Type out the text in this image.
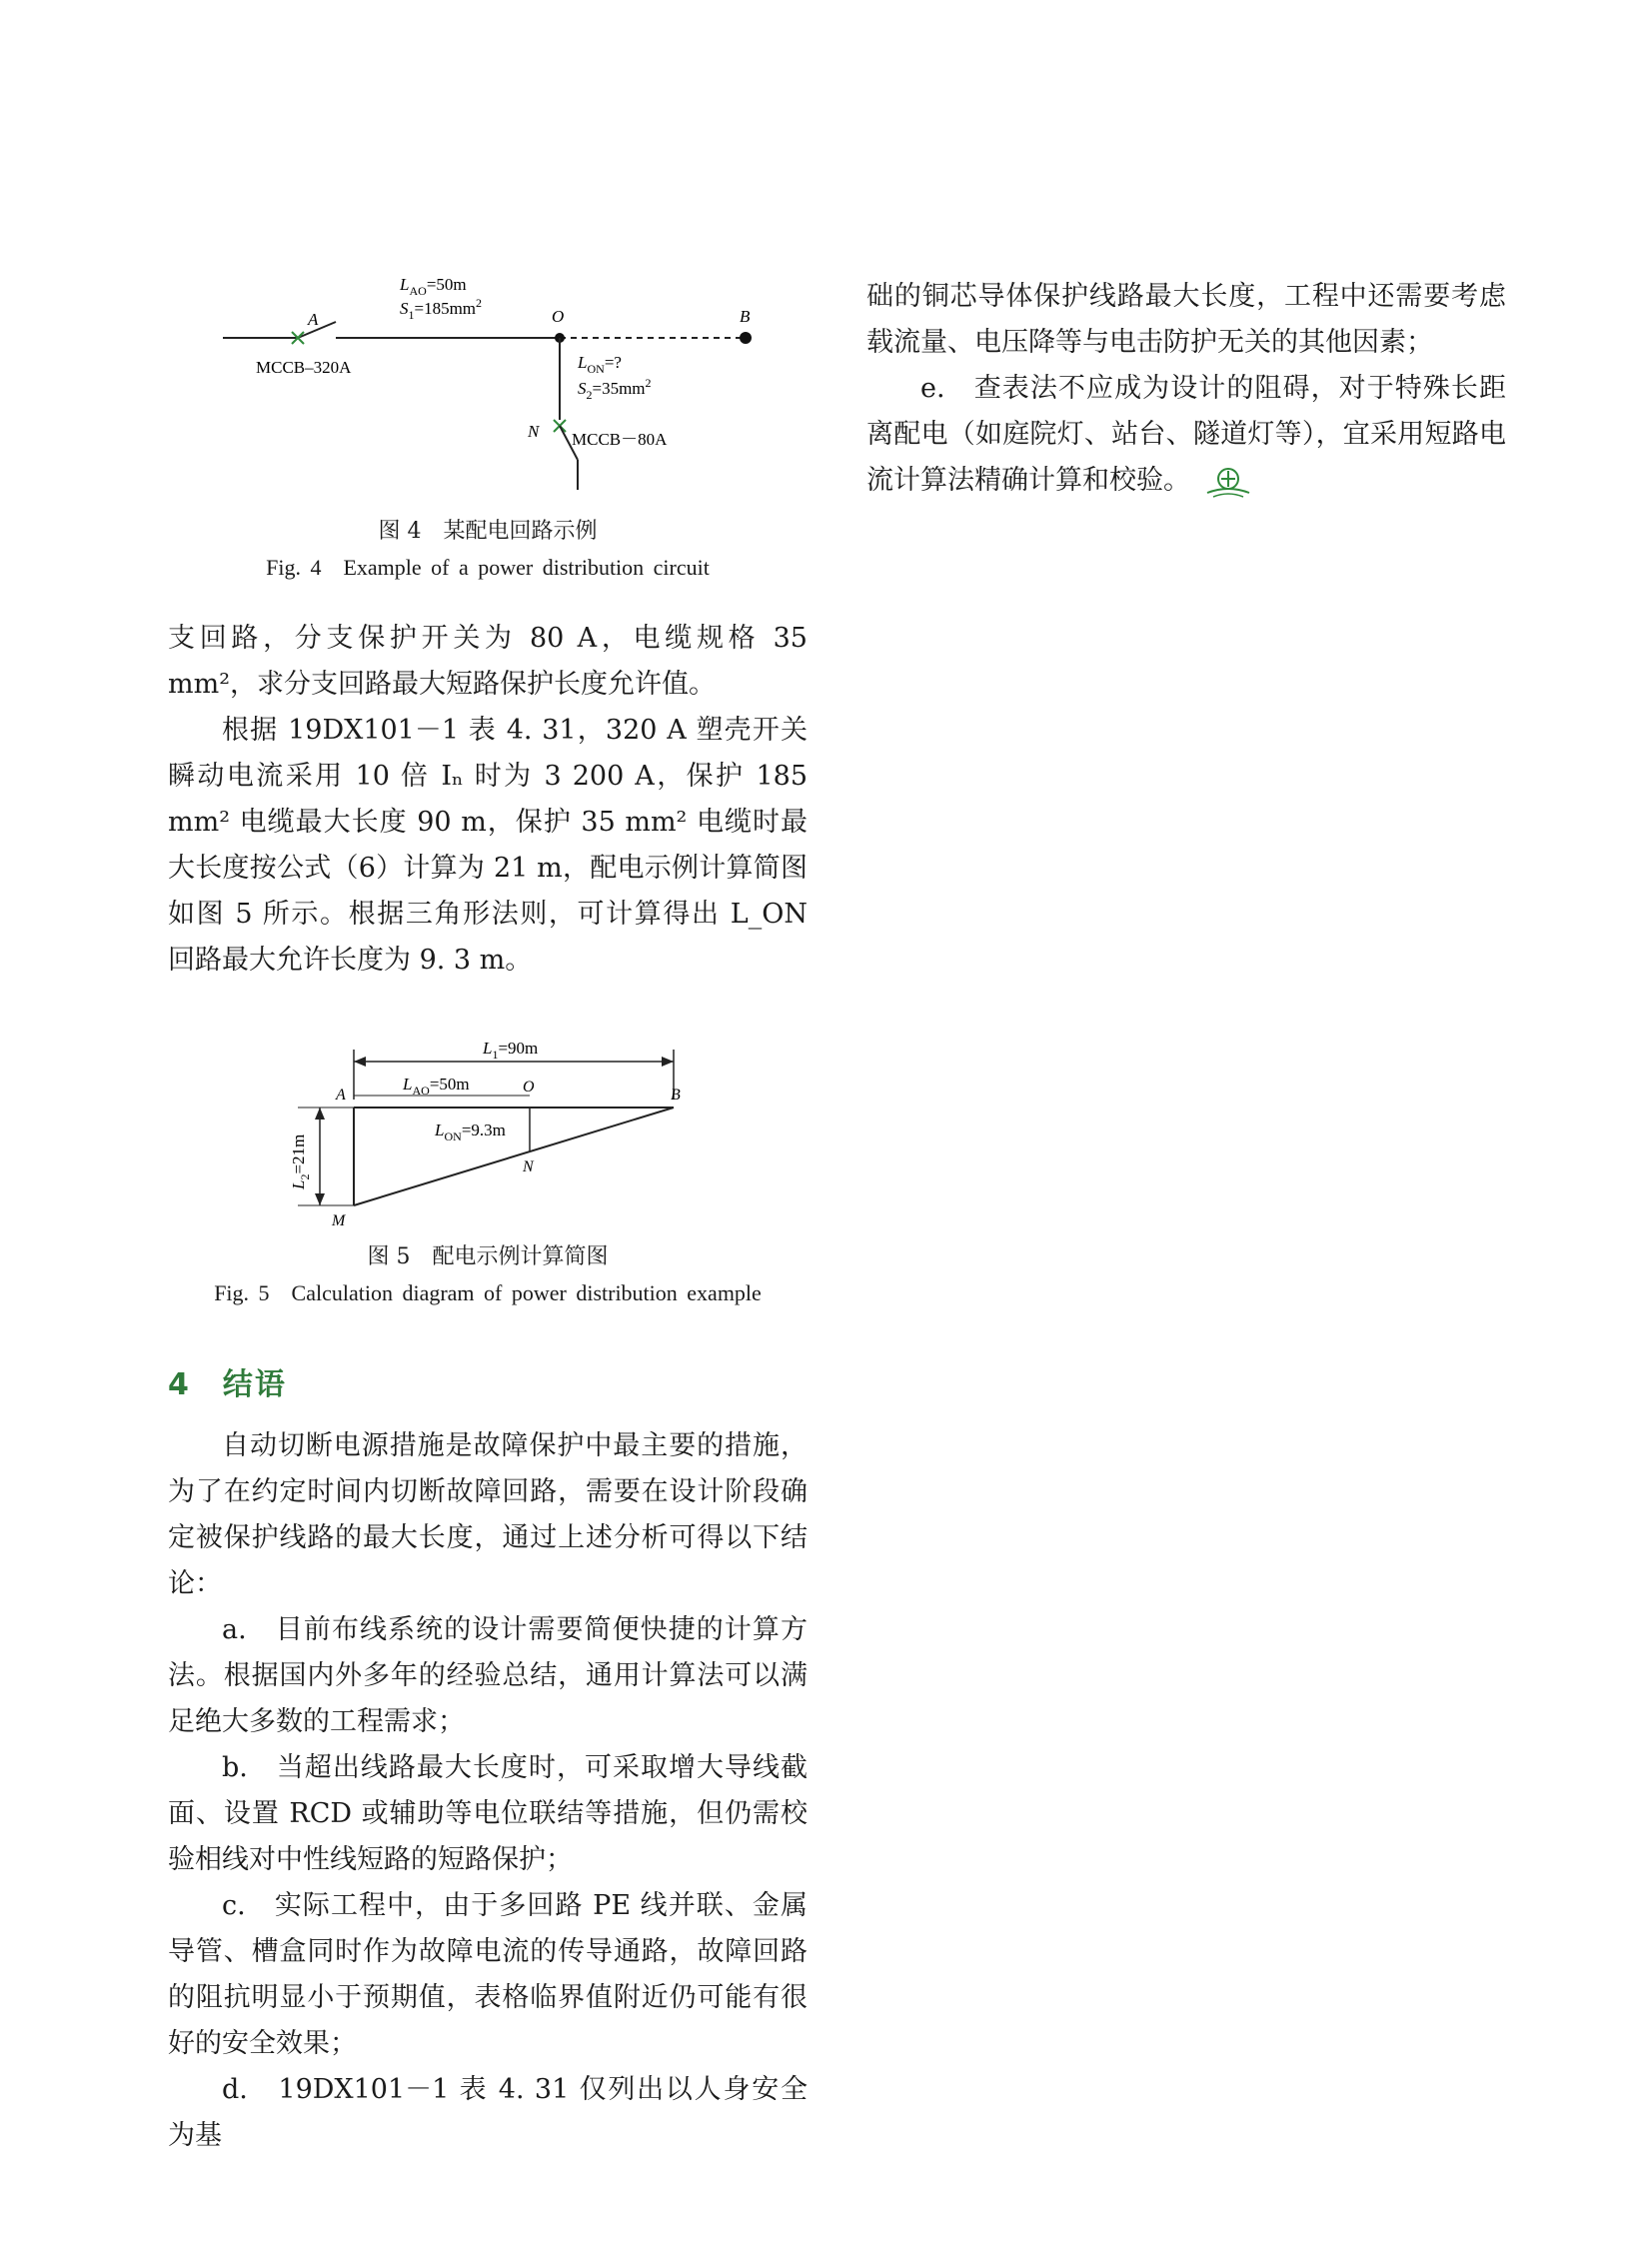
$L_{AO}=50m$
$S_1=185mm^2$
A	O	B
MCCB–320A	$L_{ON}=$?
$S_2=35mm^2$
N MCCB－80A
图 4　某配电回路示例
Fig. 4　Example of a power distribution circuit

支回路，分支保护开关为 80 A，电缆规格 35 mm²，求分支回路最大短路保护长度允许值。

根据 19DX101－1 表 4. 31，320 A 塑壳开关瞬动电流采用 10 倍 Iₙ 时为 3 200 A，保护 185 mm² 电缆最大长度 90 m，保护 35 mm² 电缆时最大长度按公式（6）计算为 21 m，配电示例计算简图如图 5 所示。根据三角形法则，可计算得出 L_ON 回路最大允许长度为 9. 3 m。

$L_1=90m$
$L_{AO}=50m$
$L_{ON}=9.3m$
$L_2=21m$
A	O	B
N
M
图 5　配电示例计算简图
Fig. 5　Calculation diagram of power distribution example
4　结语

自动切断电源措施是故障保护中最主要的措施，为了在约定时间内切断故障回路，需要在设计阶段确定被保护线路的最大长度，通过上述分析可得以下结论：

a.　目前布线系统的设计需要简便快捷的计算方法。根据国内外多年的经验总结，通用计算法可以满足绝大多数的工程需求；

b.　当超出线路最大长度时，可采取增大导线截面、设置 RCD 或辅助等电位联结等措施，但仍需校验相线对中性线短路的短路保护；

c.　实际工程中，由于多回路 PE 线并联、金属导管、槽盒同时作为故障电流的传导通路，故障回路的阻抗明显小于预期值，表格临界值附近仍可能有很好的安全效果；

d.　19DX101－1 表 4. 31 仅列出以人身安全为基

础的铜芯导体保护线路最大长度，工程中还需要考虑载流量、电压降等与电击防护无关的其他因素；

e.　查表法不应成为设计的阻碍，对于特殊长距离配电（如庭院灯、站台、隧道灯等），宜采用短路电流计算法精确计算和校验。
